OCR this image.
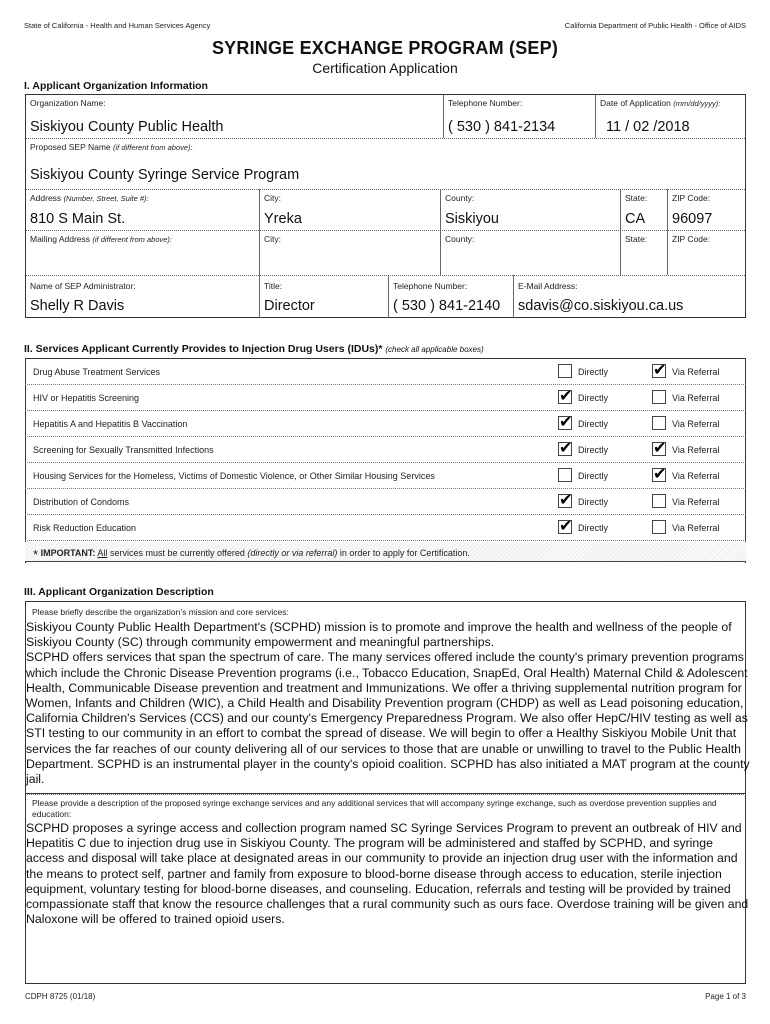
State of California - Health and Human Services Agency	California Department of Public Health - Office of AIDS
SYRINGE EXCHANGE PROGRAM (SEP)
Certification Application
I. Applicant Organization Information
Organization Name:
Siskiyou County Public Health
Telephone Number:
( 530 ) 841-2134
Date of Application (mm/dd/yyyy):
11 / 02 /2018
Proposed SEP Name (if different from above):
Siskiyou County Syringe Service Program
Address (Number, Street, Suite #):
810 S Main St.
City:
Yreka
County:
Siskiyou
State:
CA
ZIP Code:
96097
Mailing Address (if different from above):	City:	County:	State:	ZIP Code:
Name of SEP Administrator:
Shelly R Davis
Title:
Director
Telephone Number:
( 530 ) 841-2140
E-Mail Address:
sdavis@co.siskiyou.ca.us
II. Services Applicant Currently Provides to Injection Drug Users (IDUs)* (check all applicable boxes)
Drug Abuse Treatment Services	Directly	✔ Via Referral
HIV or Hepatitis Screening	✔ Directly	Via Referral
Hepatitis A and Hepatitis B Vaccination	✔ Directly	Via Referral
Screening for Sexually Transmitted Infections	✔ Directly	✔ Via Referral
Housing Services for the Homeless, Victims of Domestic Violence, or Other Similar Housing Services	Directly	✔ Via Referral
Distribution of Condoms	✔ Directly	Via Referral
Risk Reduction Education	✔ Directly	Via Referral
* IMPORTANT: All services must be currently offered (directly or via referral) in order to apply for Certification.
III. Applicant Organization Description
Please briefly describe the organization’s mission and core services:
Siskiyou County Public Health Department's (SCPHD) mission is to promote and improve the health and wellness of the people of Siskiyou County (SC) through community empowerment and meaningful partnerships.
SCPHD offers services that span the spectrum of care. The many services offered include the county's primary prevention programs which include the Chronic Disease Prevention programs (i.e., Tobacco Education, SnapEd, Oral Health) Maternal Child & Adolescent Health, Communicable Disease prevention and treatment and Immunizations. We offer a thriving supplemental nutrition program for Women, Infants and Children (WIC), a Child Health and Disability Prevention program (CHDP) as well as Lead poisoning education, California Children's Services (CCS) and our county's Emergency Preparedness Program. We also offer HepC/HIV testing as well as STI testing to our community in an effort to combat the spread of disease. We will begin to offer a Healthy Siskiyou Mobile Unit that services the far reaches of our county delivering all of our services to those that are unable or unwilling to travel to the Public Health Department. SCPHD is an instrumental player in the county's opioid coalition. SCPHD has also initiated a MAT program at the county jail.
Please provide a description of the proposed syringe exchange services and any additional services that will accompany syringe exchange, such as overdose prevention supplies and education:
SCPHD proposes a syringe access and collection program named SC Syringe Services Program to prevent an outbreak of HIV and Hepatitis C due to injection drug use in Siskiyou County. The program will be administered and staffed by SCPHD, and syringe access and disposal will take place at designated areas in our community to provide an injection drug user with the information and the means to protect self, partner and family from exposure to blood-borne disease through access to education, sterile injection equipment, voluntary testing for blood-borne diseases, and counseling. Education, referrals and testing will be provided by trained compassionate staff that know the resource challenges that a rural community such as ours face. Overdose training will be given and Naloxone will be offered to trained opioid users.
CDPH 8725 (01/18)	Page 1 of 3
